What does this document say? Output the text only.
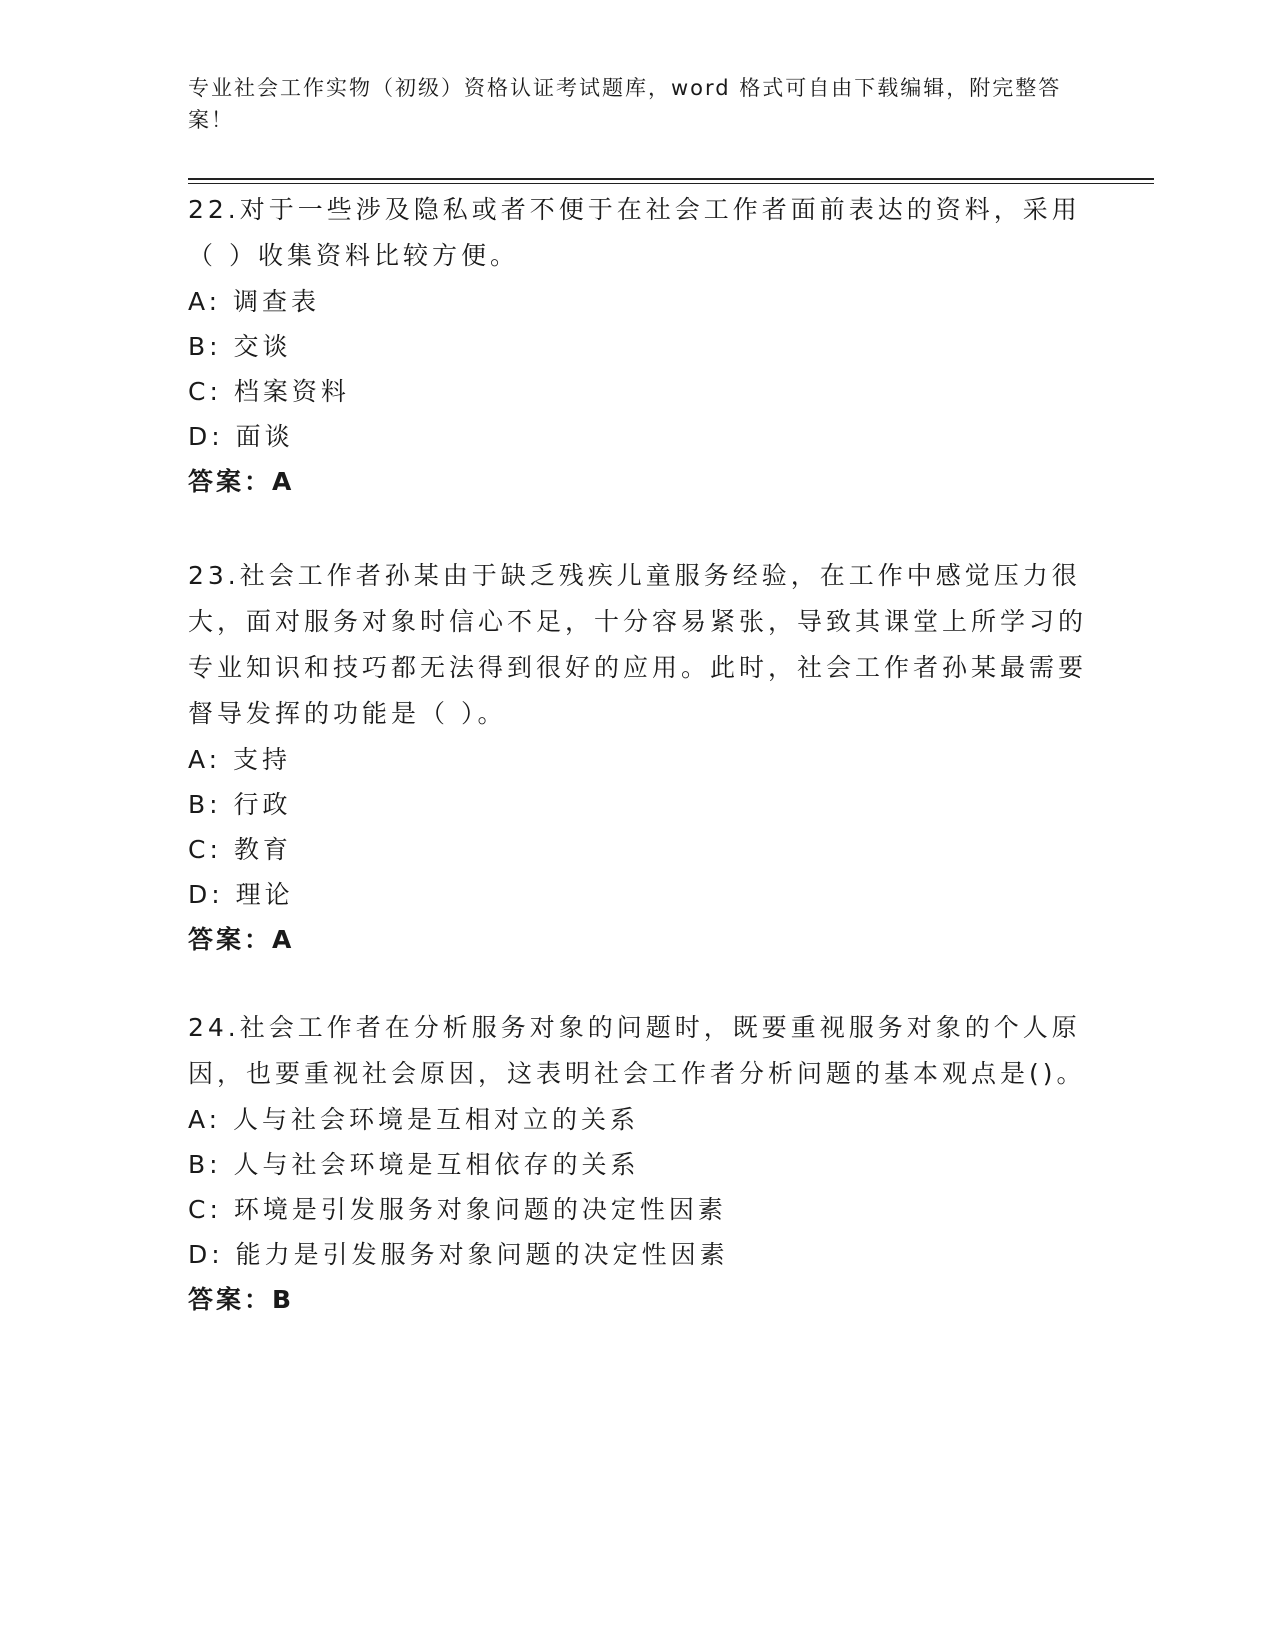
专业社会工作实物（初级）资格认证考试题库，word 格式可自由下载编辑，附完整答案！

22.对于一些涉及隐私或者不便于在社会工作者面前表达的资料，采用（ ）收集资料比较方便。

A: 调查表

B: 交谈

C: 档案资料

D: 面谈

答案：A

23.社会工作者孙某由于缺乏残疾儿童服务经验，在工作中感觉压力很大，面对服务对象时信心不足，十分容易紧张，导致其课堂上所学习的专业知识和技巧都无法得到很好的应用。此时，社会工作者孙某最需要督导发挥的功能是（ ）。

A: 支持

B: 行政

C: 教育

D: 理论

答案：A

24.社会工作者在分析服务对象的问题时，既要重视服务对象的个人原因，也要重视社会原因，这表明社会工作者分析问题的基本观点是()。

A: 人与社会环境是互相对立的关系

B: 人与社会环境是互相依存的关系

C: 环境是引发服务对象问题的决定性因素

D: 能力是引发服务对象问题的决定性因素

答案：B
